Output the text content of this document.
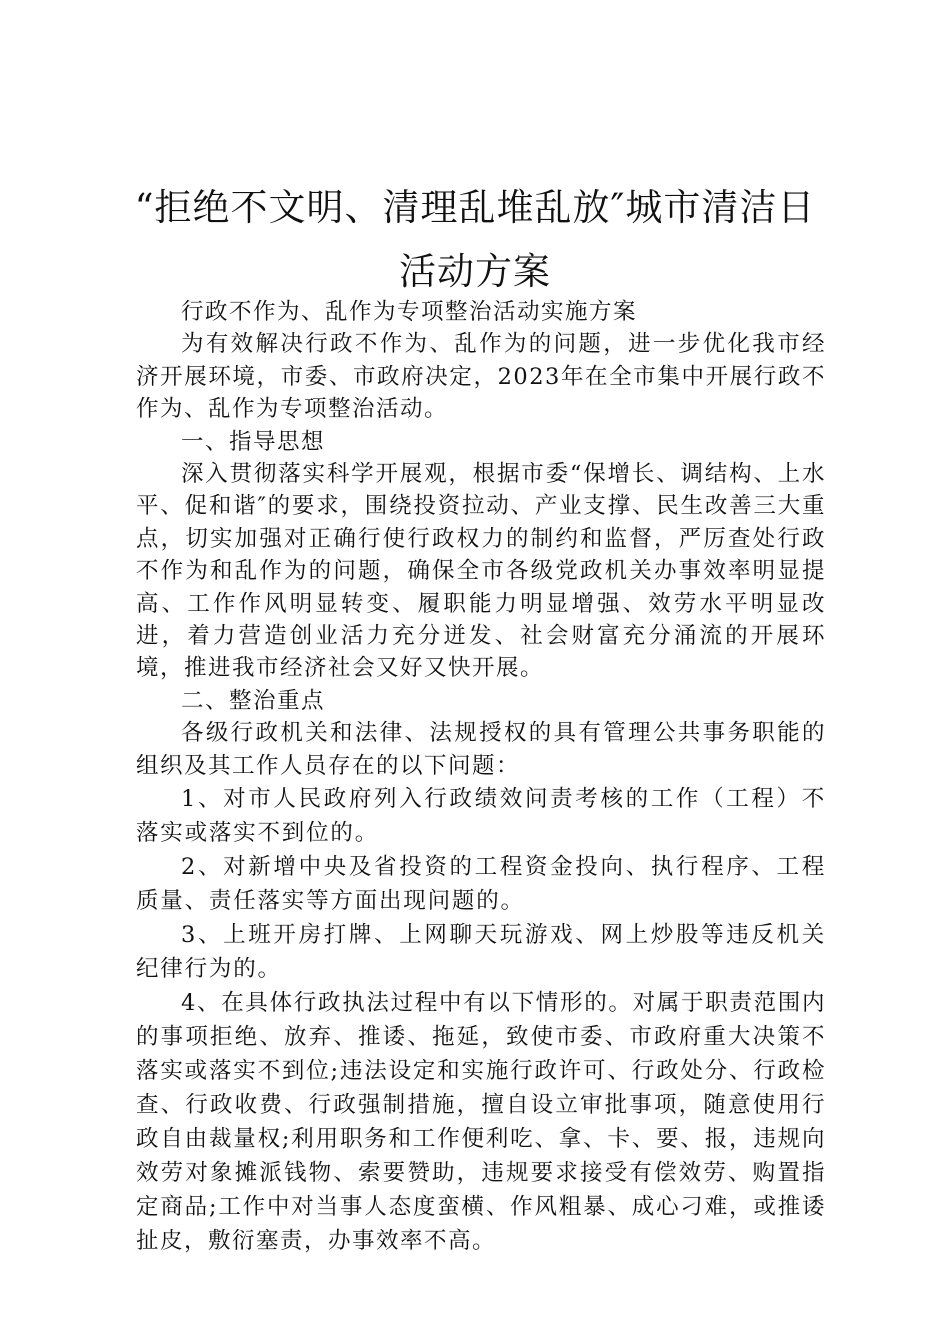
“拒绝不文明、清理乱堆乱放″城市清洁日活动方案

行政不作为、乱作为专项整治活动实施方案

为有效解决行政不作为、乱作为的问题，进一步优化我市经济开展环境，市委、市政府决定，2023年在全市集中开展行政不作为、乱作为专项整治活动。

一、指导思想

深入贯彻落实科学开展观，根据市委“保增长、调结构、上水平、促和谐″的要求，围绕投资拉动、产业支撑、民生改善三大重点，切实加强对正确行使行政权力的制约和监督，严厉查处行政不作为和乱作为的问题，确保全市各级党政机关办事效率明显提高、工作作风明显转变、履职能力明显增强、效劳水平明显改进，着力营造创业活力充分迸发、社会财富充分涌流的开展环境，推进我市经济社会又好又快开展。

二、整治重点

各级行政机关和法律、法规授权的具有管理公共事务职能的组织及其工作人员存在的以下问题：

1、对市人民政府列入行政绩效问责考核的工作（工程）不落实或落实不到位的。

2、对新增中央及省投资的工程资金投向、执行程序、工程质量、责任落实等方面出现问题的。

3、上班开房打牌、上网聊天玩游戏、网上炒股等违反机关纪律行为的。

4、在具体行政执法过程中有以下情形的。对属于职责范围内的事项拒绝、放弃、推诿、拖延，致使市委、市政府重大决策不落实或落实不到位;违法设定和实施行政许可、行政处分、行政检查、行政收费、行政强制措施，擅自设立审批事项，随意使用行政自由裁量权;利用职务和工作便利吃、拿、卡、要、报，违规向效劳对象摊派钱物、索要赞助，违规要求接受有偿效劳、购置指定商品;工作中对当事人态度蛮横、作风粗暴、成心刁难，或推诿扯皮，敷衍塞责，办事效率不高。
